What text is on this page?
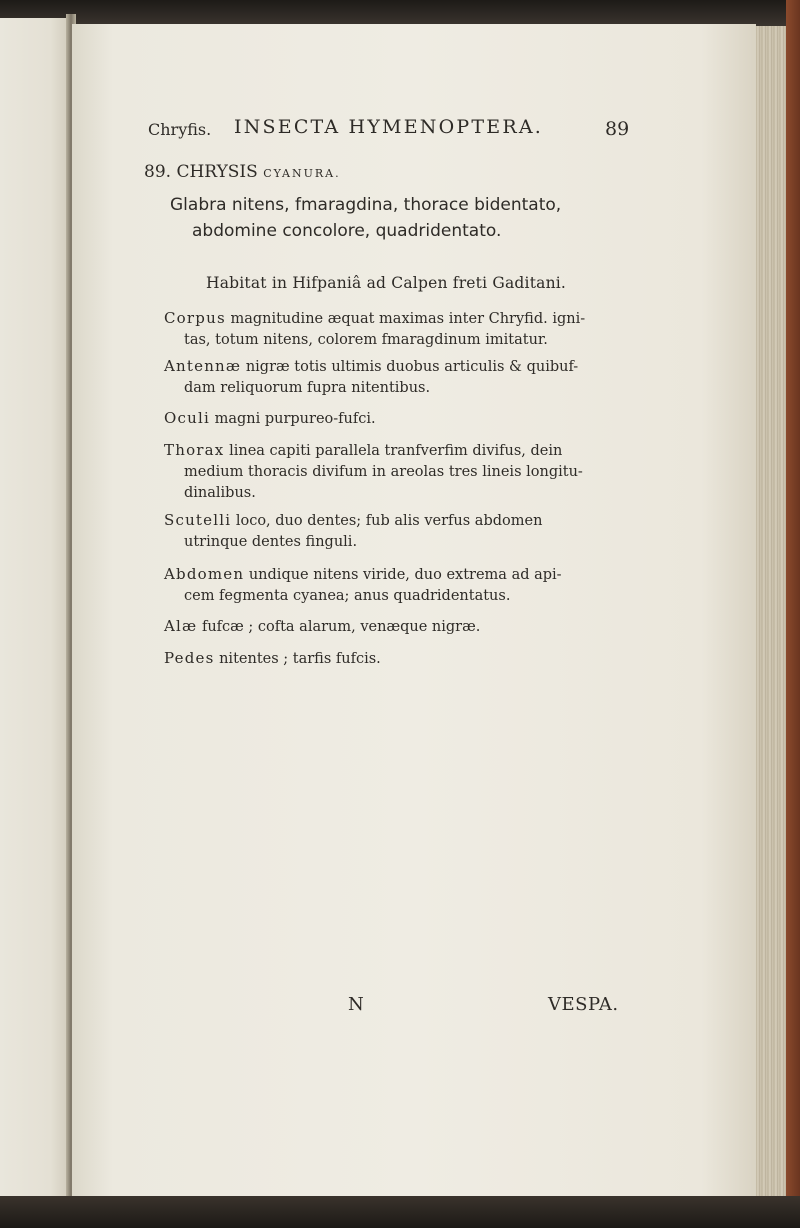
Chryfis. INSECTA HYMENOPTERA.	89
89. CHRYSIS CYANURA.
Glabra nitens, fmaragdina, thorace bidentato,
abdomine concolore, quadridentato.
Habitat in Hifpaniâ ad Calpen freti Gaditani.
Corpus magnitudine æquat maximas inter Chryfid. igni-
tas, totum nitens, colorem fmaragdinum imitatur.
Antennæ nigræ totis ultimis duobus articulis & quibuf-
dam reliquorum fupra nitentibus.
Oculi magni purpureo-fufci.
Thorax linea capiti parallela tranfverfim divifus, dein
medium thoracis divifum in areolas tres lineis longitu-
dinalibus.
Scutelli loco, duo dentes; fub alis verfus abdomen
utrinque dentes finguli.
Abdomen undique nitens viride, duo extrema ad api-
cem fegmenta cyanea; anus quadridentatus.
Alæ fufcæ ; cofta alarum, venæque nigræ.
Pedes nitentes ; tarfis fufcis.
N	VESPA.
